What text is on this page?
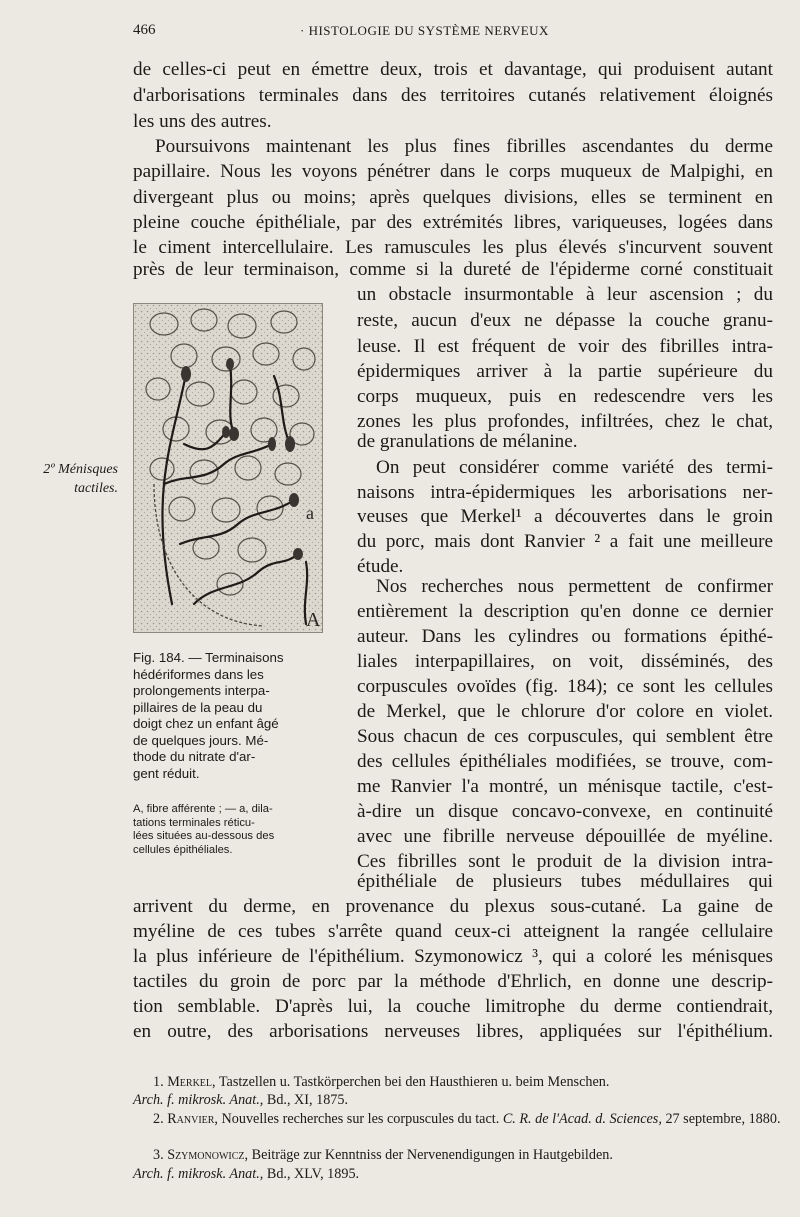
466	· HISTOLOGIE DU SYSTÈME NERVEUX
de celles-ci peut en émettre deux, trois et davantage, qui produisent autant
d'arborisations terminales dans des territoires cutanés relativement éloignés
les uns des autres.
Poursuivons maintenant les plus fines fibrilles ascendantes du derme
papillaire. Nous les voyons pénétrer dans le corps muqueux de Malpighi, en
divergeant plus ou moins; après quelques divisions, elles se terminent en
pleine couche épithéliale, par des extrémités libres, variqueuses, logées dans
le ciment intercellulaire. Les ramuscules les plus élevés s'incurvent souvent
près de leur terminaison, comme si la dureté de l'épiderme corné constituait
un obstacle insurmontable à leur ascension ; du
reste, aucun d'eux ne dépasse la couche granu-
leuse. Il est fréquent de voir des fibrilles intra-
épidermiques arriver à la partie supérieure du
corps muqueux, puis en redescendre vers les
zones les plus profondes, infiltrées, chez le chat,
de granulations de mélanine.
On peut considérer comme variété des termi-
naisons intra-épidermiques les arborisations ner-
veuses que Merkel¹ a découvertes dans le groin
du porc, mais dont Ranvier ² a fait une meilleure
étude.
Nos recherches nous permettent de confirmer
entièrement la description qu'en donne ce dernier
auteur. Dans les cylindres ou formations épithé-
liales interpapillaires, on voit, disséminés, des
corpuscules ovoïdes (fig. 184); ce sont les cellules
de Merkel, que le chlorure d'or colore en violet.
Sous chacun de ces corpuscules, qui semblent être
des cellules épithéliales modifiées, se trouve, com-
me Ranvier l'a montré, un ménisque tactile, c'est-
à-dire un disque concavo-convexe, en continuité
avec une fibrille nerveuse dépouillée de myéline.
Ces fibrilles sont le produit de la division intra-
épithéliale de plusieurs tubes médullaires qui
arrivent du derme, en provenance du plexus sous-cutané. La gaine de
myéline de ces tubes s'arrête quand ceux-ci atteignent la rangée cellulaire
la plus inférieure de l'épithélium. Szymonowicz ³, qui a coloré les ménisques
tactiles du groin de porc par la méthode d'Ehrlich, en donne une descrip-
tion semblable. D'après lui, la couche limitrophe du derme contiendrait,
en outre, des arborisations nerveuses libres, appliquées sur l'épithélium.
2º Ménisques
tactiles.
a
A
Fig. 184. — Terminaisons
hédériformes dans les
prolongements interpa-
pillaires de la peau du
doigt chez un enfant âgé
de quelques jours. Mé-
thode du nitrate d'ar-
gent réduit.
A, fibre afférente ; — a, dila-
tations terminales réticu-
lées situées au-dessous des
cellules épithéliales.
1. Merkel, Tastzellen u. Tastkörperchen bei den Hausthieren u. beim Menschen.
Arch. f. mikrosk. Anat., Bd., XI, 1875.
2. Ranvier, Nouvelles recherches sur les corpuscules du tact. C. R. de l'Acad. d. Sciences, 27 septembre, 1880.
3. Szymonowicz, Beiträge zur Kenntniss der Nervenendigungen in Hautgebilden.
Arch. f. mikrosk. Anat., Bd., XLV, 1895.
